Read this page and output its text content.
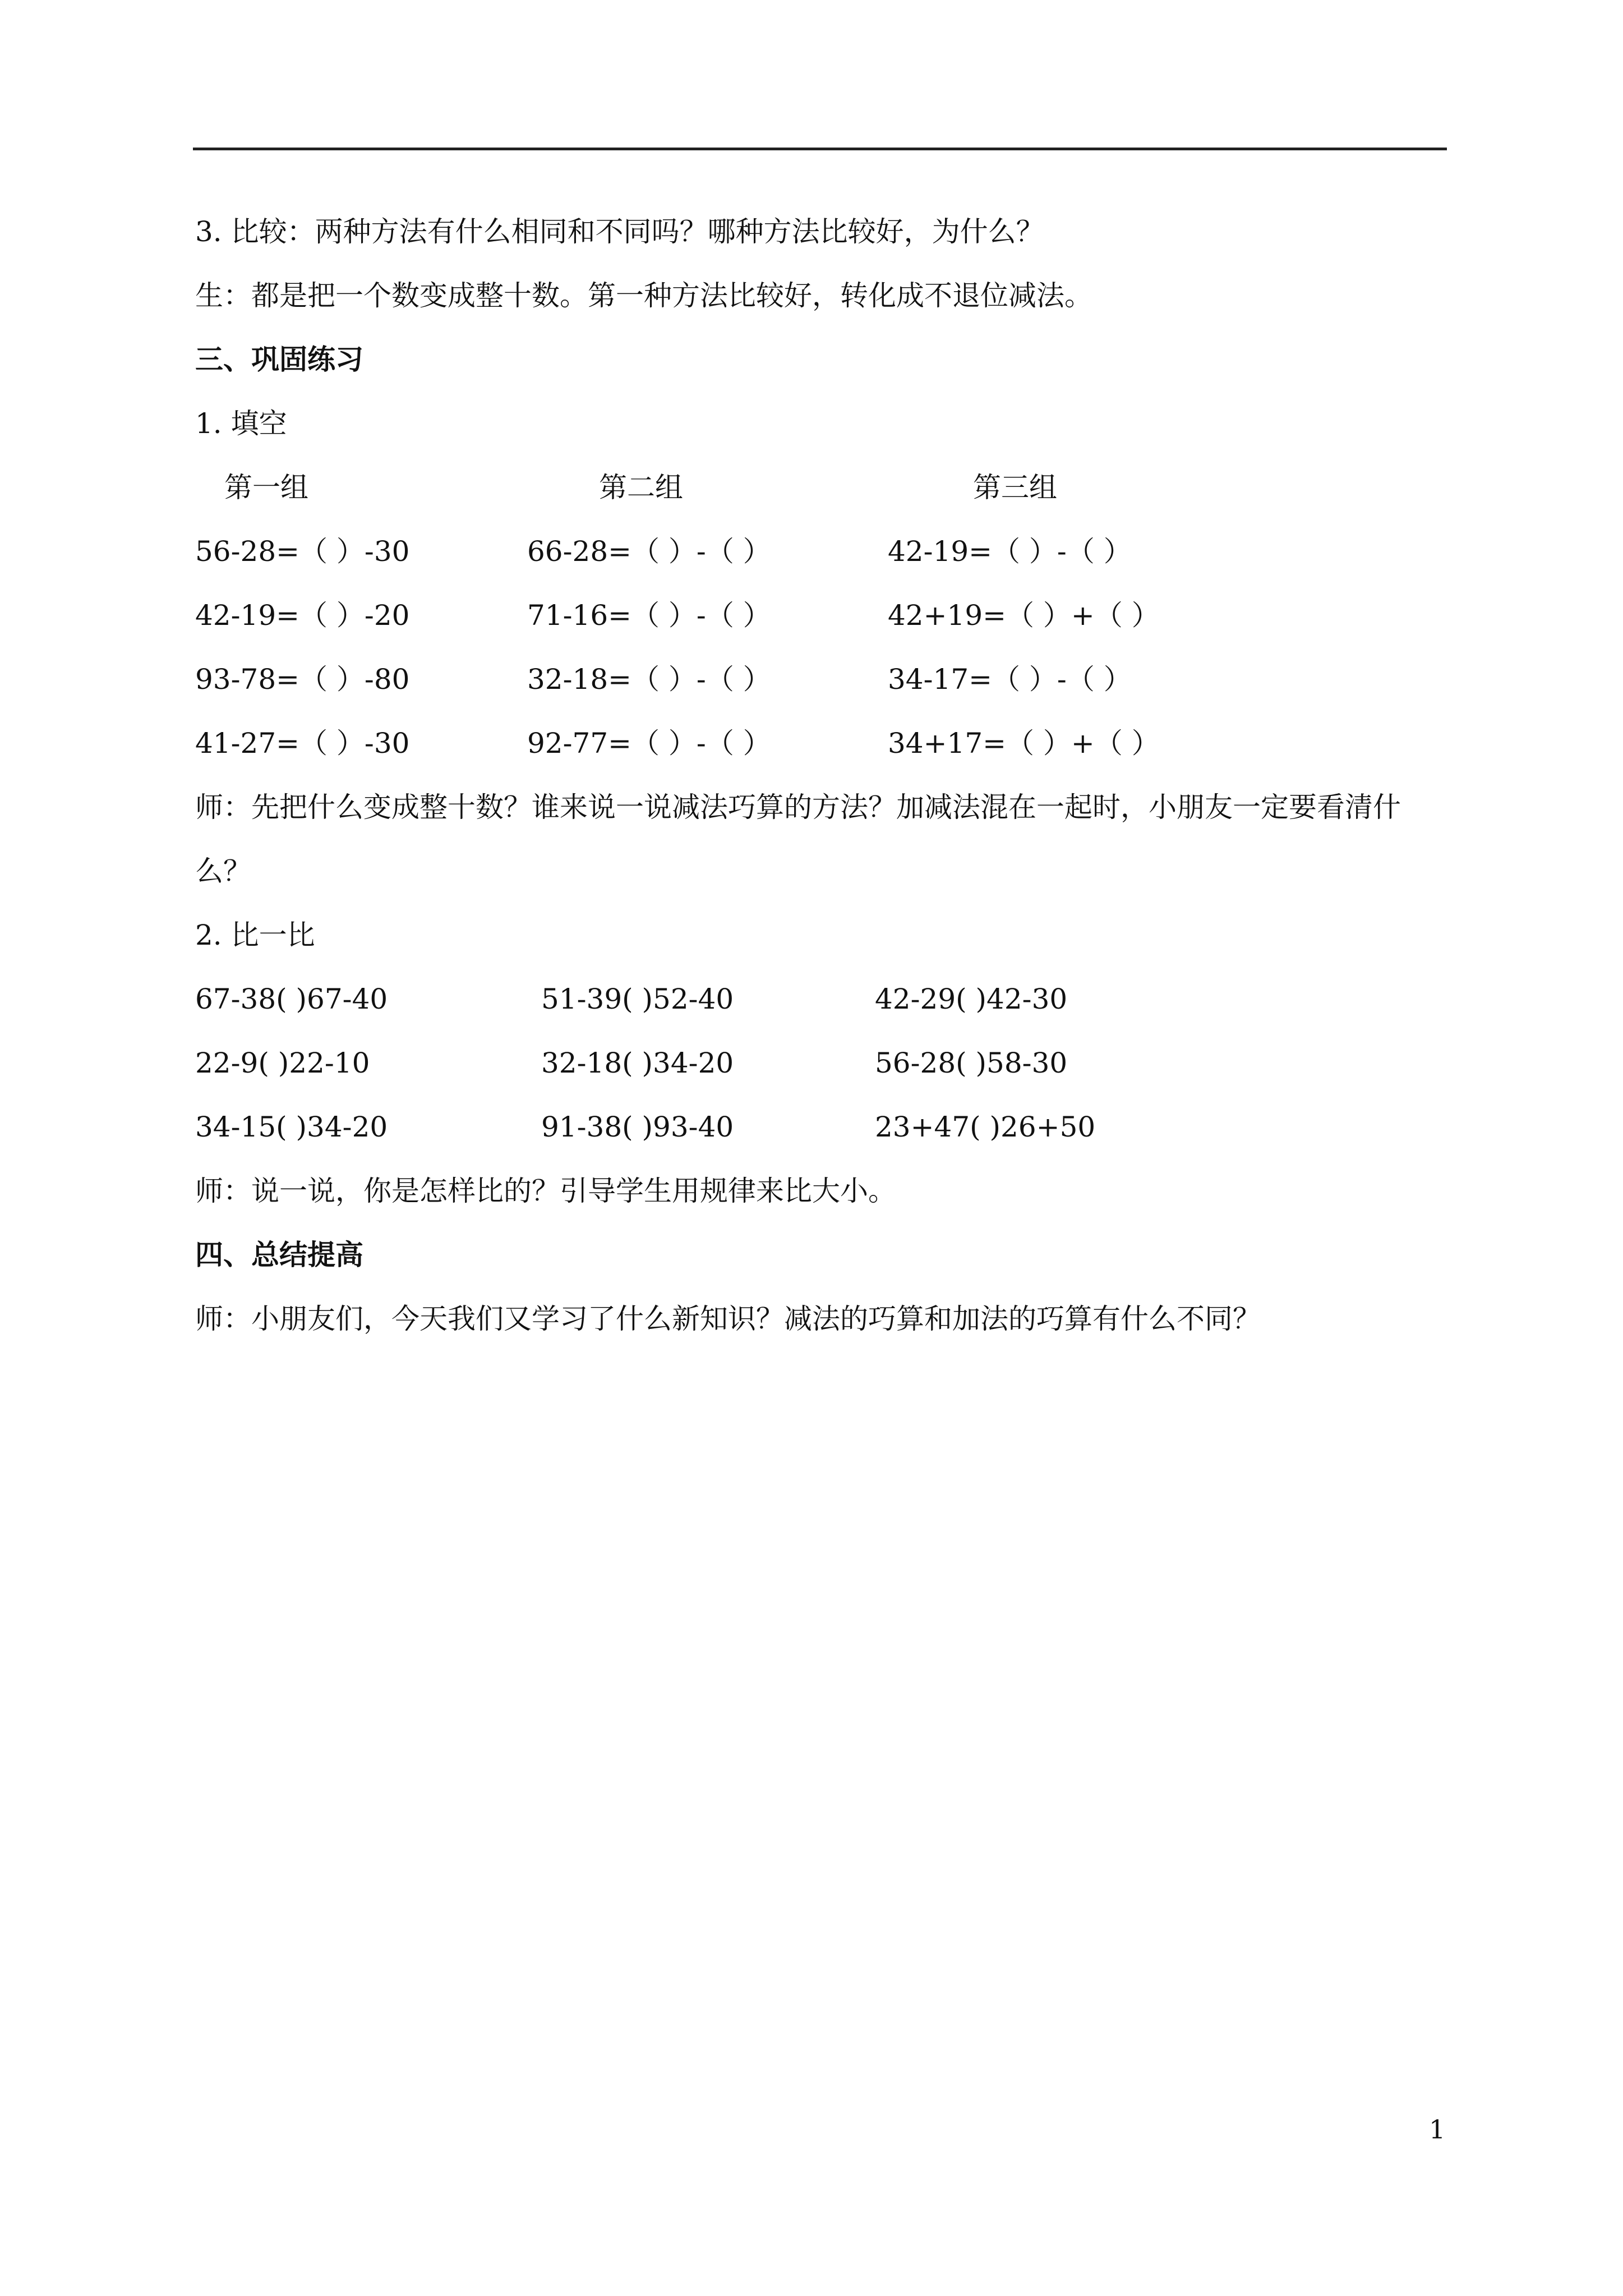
3. 比较：两种方法有什么相同和不同吗？哪种方法比较好，为什么？
生：都是把一个数变成整十数。第一种方法比较好，转化成不退位减法。
三、巩固练习
1. 填空
第一组	第二组	第三组
56-28=（ ）-30	66-28=（ ）-（ ）	42-19=（ ）-（ ）
42-19=（ ）-20	71-16=（ ）-（ ）	42+19=（ ）+（ ）
93-78=（ ）-80	32-18=（ ）-（ ）	34-17=（ ）-（ ）
41-27=（ ）-30	92-77=（ ）-（ ）	34+17=（ ）+（ ）
师：先把什么变成整十数？谁来说一说减法巧算的方法？加减法混在一起时，小朋友一定要看清什
么？
2. 比一比
67-38( )67-40	51-39( )52-40	42-29( )42-30
22-9( )22-10	32-18( )34-20	56-28( )58-30
34-15( )34-20	91-38( )93-40	23+47( )26+50
师：说一说，你是怎样比的？引导学生用规律来比大小。
四、总结提高
师：小朋友们，今天我们又学习了什么新知识？减法的巧算和加法的巧算有什么不同？
1
